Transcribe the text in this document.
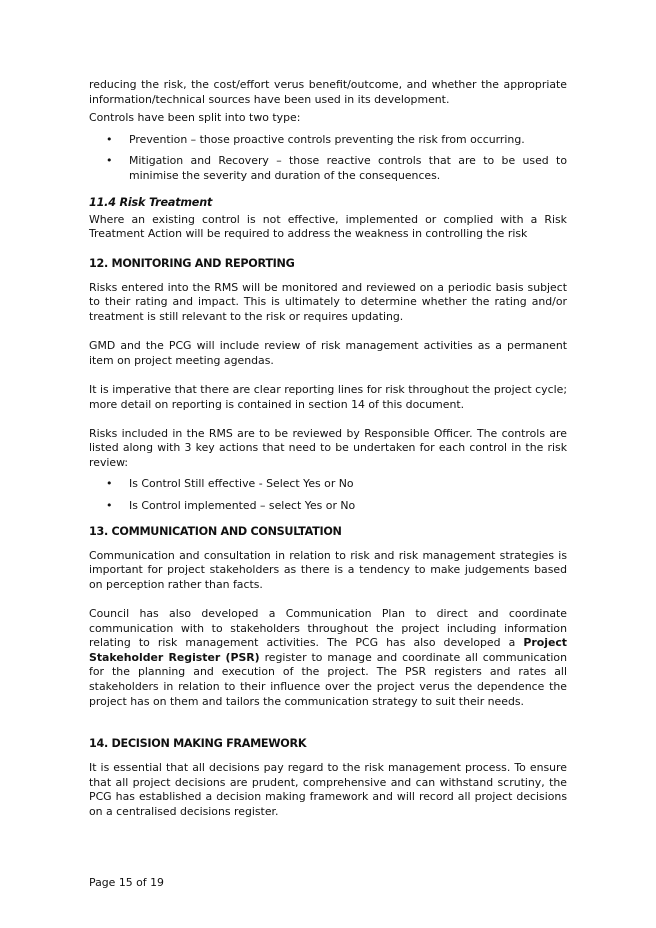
reducing the risk, the cost/effort verus benefit/outcome, and whether the appropriate information/technical sources have been used in its development.

Controls have been split into two type:

• Prevention – those proactive controls preventing the risk from occurring.
• Mitigation and Recovery – those reactive controls that are to be used to minimise the severity and duration of the consequences.
11.4 Risk Treatment

Where an existing control is not effective, implemented or complied with a Risk Treatment Action will be required to address the weakness in controlling the risk

12. MONITORING AND REPORTING

Risks entered into the RMS will be monitored and reviewed on a periodic basis subject to their rating and impact. This is ultimately to determine whether the rating and/or treatment is still relevant to the risk or requires updating.

GMD and the PCG will include review of risk management activities as a permanent item on project meeting agendas.

It is imperative that there are clear reporting lines for risk throughout the project cycle; more detail on reporting is contained in section 14 of this document.

Risks included in the RMS are to be reviewed by Responsible Officer. The controls are listed along with 3 key actions that need to be undertaken for each control in the risk review:

• Is Control Still effective - Select Yes or No
• Is Control implemented – select Yes or No
13. COMMUNICATION AND CONSULTATION

Communication and consultation in relation to risk and risk management strategies is important for project stakeholders as there is a tendency to make judgements based on perception rather than facts.

Council has also developed a Communication Plan to direct and coordinate communication with to stakeholders throughout the project including information relating to risk management activities. The PCG has also developed a Project Stakeholder Register (PSR) register to manage and coordinate all communication for the planning and execution of the project. The PSR registers and rates all stakeholders in relation to their influence over the project verus the dependence the project has on them and tailors the communication strategy to suit their needs.

14. DECISION MAKING FRAMEWORK

It is essential that all decisions pay regard to the risk management process. To ensure that all project decisions are prudent, comprehensive and can withstand scrutiny, the PCG has established a decision making framework and will record all project decisions on a centralised decisions register.

Page 15 of 19
